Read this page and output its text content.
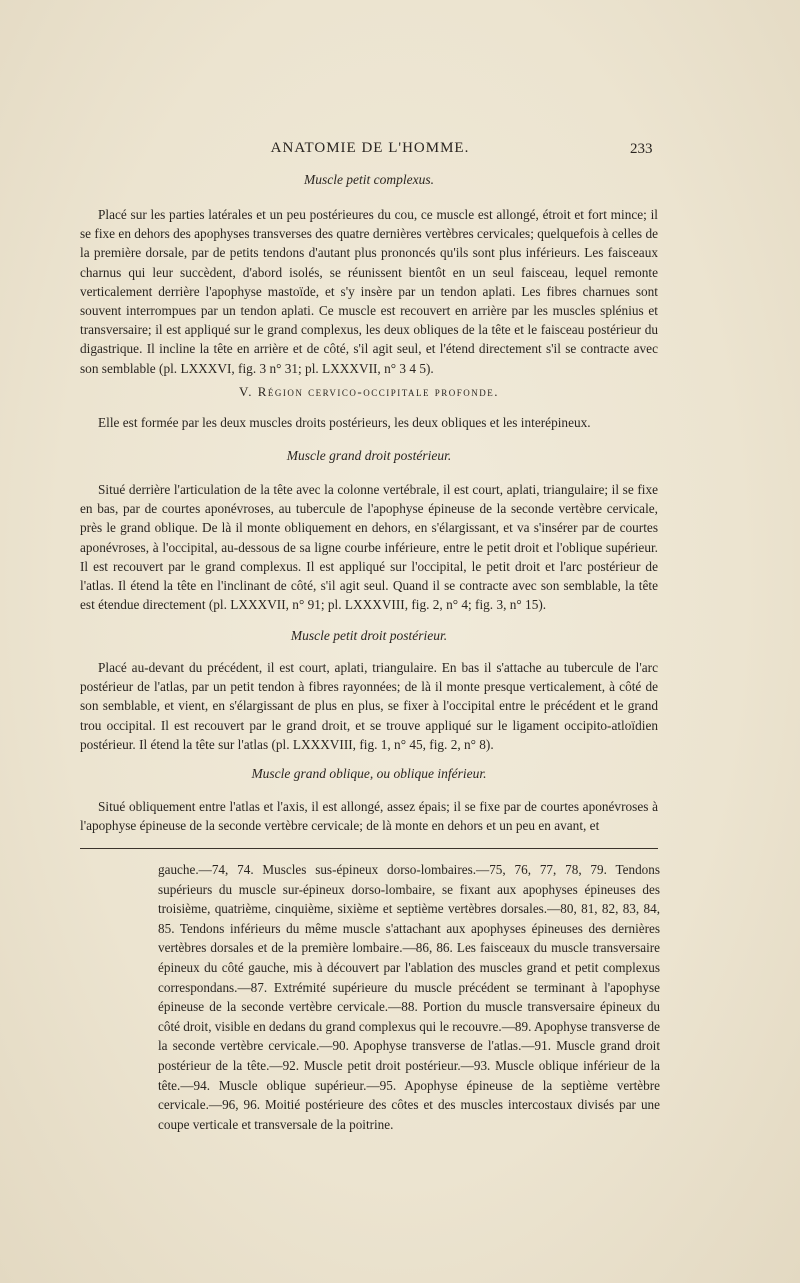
ANATOMIE DE L'HOMME.	233
Muscle petit complexus.

Placé sur les parties latérales et un peu postérieures du cou, ce muscle est allongé, étroit et fort mince; il se fixe en dehors des apophyses transverses des quatre dernières vertèbres cervicales; quelquefois à celles de la première dorsale, par de petits tendons d'autant plus prononcés qu'ils sont plus inférieurs. Les faisceaux charnus qui leur succèdent, d'abord isolés, se réunissent bientôt en un seul faisceau, lequel remonte verticalement derrière l'apophyse mastoïde, et s'y insère par un tendon aplati. Les fibres charnues sont souvent interrompues par un tendon aplati. Ce muscle est recouvert en arrière par les muscles splénius et transversaire; il est appliqué sur le grand complexus, les deux obliques de la tête et le faisceau postérieur du digastrique. Il incline la tête en arrière et de côté, s'il agit seul, et l'étend directement s'il se contracte avec son semblable (pl. LXXXVI, fig. 3 n° 31; pl. LXXXVII, n° 3 4 5).

V. Région cervico-occipitale profonde.

Elle est formée par les deux muscles droits postérieurs, les deux obliques et les interépineux.

Muscle grand droit postérieur.

Situé derrière l'articulation de la tête avec la colonne vertébrale, il est court, aplati, triangulaire; il se fixe en bas, par de courtes aponévroses, au tubercule de l'apophyse épineuse de la seconde vertèbre cervicale, près le grand oblique. De là il monte obliquement en dehors, en s'élargissant, et va s'insérer par de courtes aponévroses, à l'occipital, au-dessous de sa ligne courbe inférieure, entre le petit droit et l'oblique supérieur. Il est recouvert par le grand complexus. Il est appliqué sur l'occipital, le petit droit et l'arc postérieur de l'atlas. Il étend la tête en l'inclinant de côté, s'il agit seul. Quand il se contracte avec son semblable, la tête est étendue directement (pl. LXXXVII, n° 91; pl. LXXXVIII, fig. 2, n° 4; fig. 3, n° 15).

Muscle petit droit postérieur.

Placé au-devant du précédent, il est court, aplati, triangulaire. En bas il s'attache au tubercule de l'arc postérieur de l'atlas, par un petit tendon à fibres rayonnées; de là il monte presque verticalement, à côté de son semblable, et vient, en s'élargissant de plus en plus, se fixer à l'occipital entre le précédent et le grand trou occipital. Il est recouvert par le grand droit, et se trouve appliqué sur le ligament occipito-atloïdien postérieur. Il étend la tête sur l'atlas (pl. LXXXVIII, fig. 1, n° 45, fig. 2, n° 8).

Muscle grand oblique, ou oblique inférieur.

Situé obliquement entre l'atlas et l'axis, il est allongé, assez épais; il se fixe par de courtes aponévroses à l'apophyse épineuse de la seconde vertèbre cervicale; de là monte en dehors et un peu en avant, et

gauche.—74, 74. Muscles sus-épineux dorso-lombaires.—75, 76, 77, 78, 79. Tendons supérieurs du muscle sur-épineux dorso-lombaire, se fixant aux apophyses épineuses des troisième, quatrième, cinquième, sixième et septième vertèbres dorsales.—80, 81, 82, 83, 84, 85. Tendons inférieurs du même muscle s'attachant aux apophyses épineuses des dernières vertèbres dorsales et de la première lombaire.—86, 86. Les faisceaux du muscle transversaire épineux du côté gauche, mis à découvert par l'ablation des muscles grand et petit complexus correspondans.—87. Extrémité supérieure du muscle précédent se terminant à l'apophyse épineuse de la seconde vertèbre cervicale.—88. Portion du muscle transversaire épineux du côté droit, visible en dedans du grand complexus qui le recouvre.—89. Apophyse transverse de la seconde vertèbre cervicale.—90. Apophyse transverse de l'atlas.—91. Muscle grand droit postérieur de la tête.—92. Muscle petit droit postérieur.—93. Muscle oblique inférieur de la tête.—94. Muscle oblique supérieur.—95. Apophyse épineuse de la septième vertèbre cervicale.—96, 96. Moitié postérieure des côtes et des muscles intercostaux divisés par une coupe verticale et transversale de la poitrine.
